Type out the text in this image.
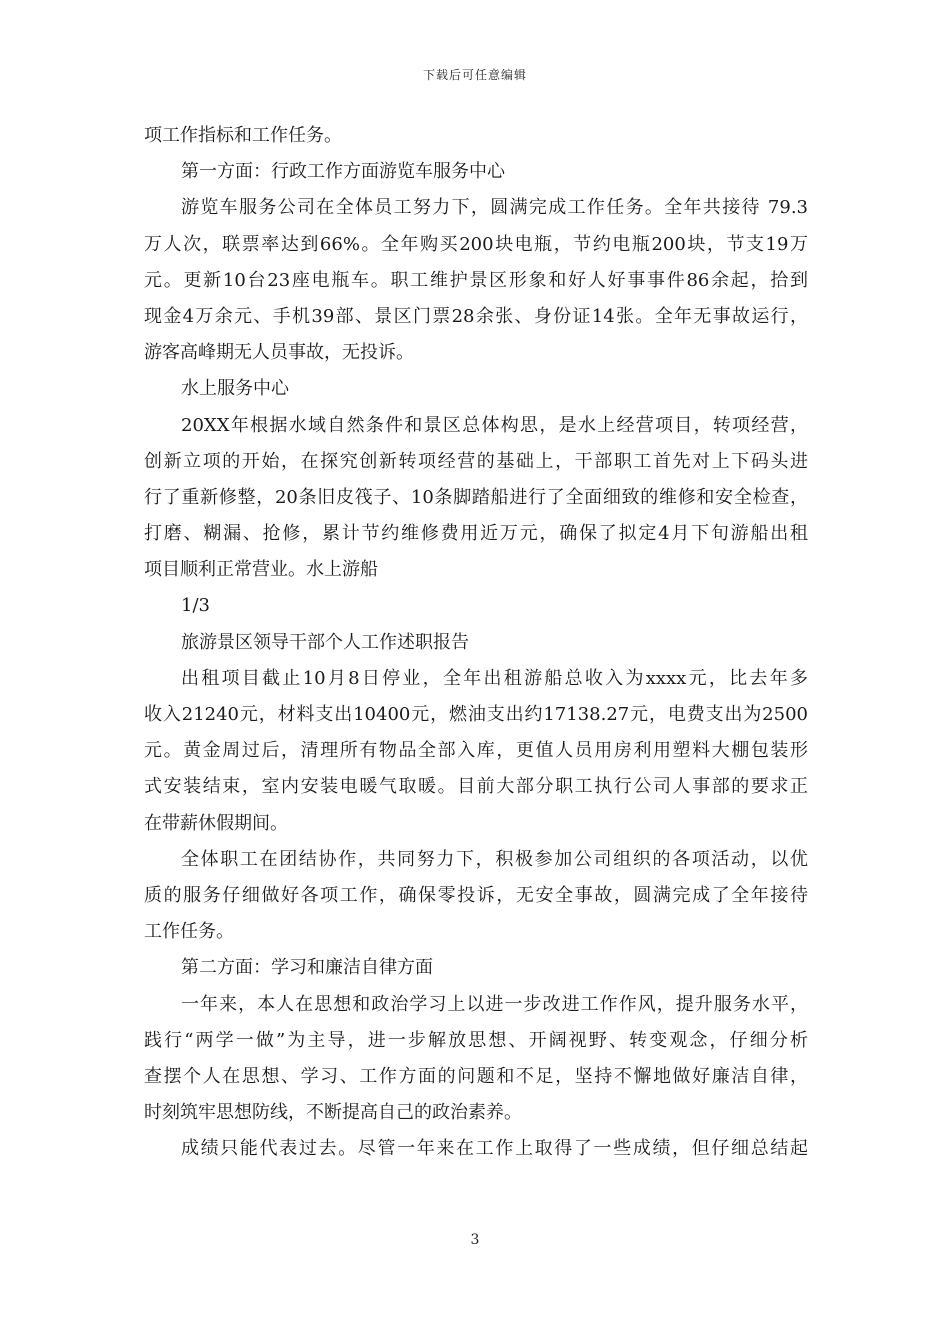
下载后可任意编辑
项工作指标和工作任务。
第一方面：行政工作方面游览车服务中心
游览车服务公司在全体员工努力下，圆满完成工作任务。全年共接待 79.3
万人次，联票率达到66%。全年购买200块电瓶，节约电瓶200块，节支19万
元。更新10台23座电瓶车。职工维护景区形象和好人好事事件86余起，拾到
现金4万余元、手机39部、景区门票28余张、身份证14张。全年无事故运行，
游客高峰期无人员事故，无投诉。
水上服务中心
20XX年根据水域自然条件和景区总体构思，是水上经营项目，转项经营，
创新立项的开始，在探究创新转项经营的基础上，干部职工首先对上下码头进
行了重新修整，20条旧皮筏子、10条脚踏船进行了全面细致的维修和安全检查，
打磨、糊漏、抢修，累计节约维修费用近万元，确保了拟定4月下旬游船出租
项目顺利正常营业。水上游船
1/3
旅游景区领导干部个人工作述职报告
出租项目截止10月8日停业，全年出租游船总收入为xxxx元，比去年多
收入21240元，材料支出10400元，燃油支出约17138.27元，电费支出为2500
元。黄金周过后，清理所有物品全部入库，更值人员用房利用塑料大棚包装形
式安装结束，室内安装电暖气取暖。目前大部分职工执行公司人事部的要求正
在带薪休假期间。
全体职工在团结协作，共同努力下，积极参加公司组织的各项活动，以优
质的服务仔细做好各项工作，确保零投诉，无安全事故，圆满完成了全年接待
工作任务。
第二方面：学习和廉洁自律方面
一年来，本人在思想和政治学习上以进一步改进工作作风，提升服务水平，
践行“两学一做”为主导，进一步解放思想、开阔视野、转变观念，仔细分析
查摆个人在思想、学习、工作方面的问题和不足，坚持不懈地做好廉洁自律，
时刻筑牢思想防线，不断提高自己的政治素养。
成绩只能代表过去。尽管一年来在工作上取得了一些成绩，但仔细总结起
3
